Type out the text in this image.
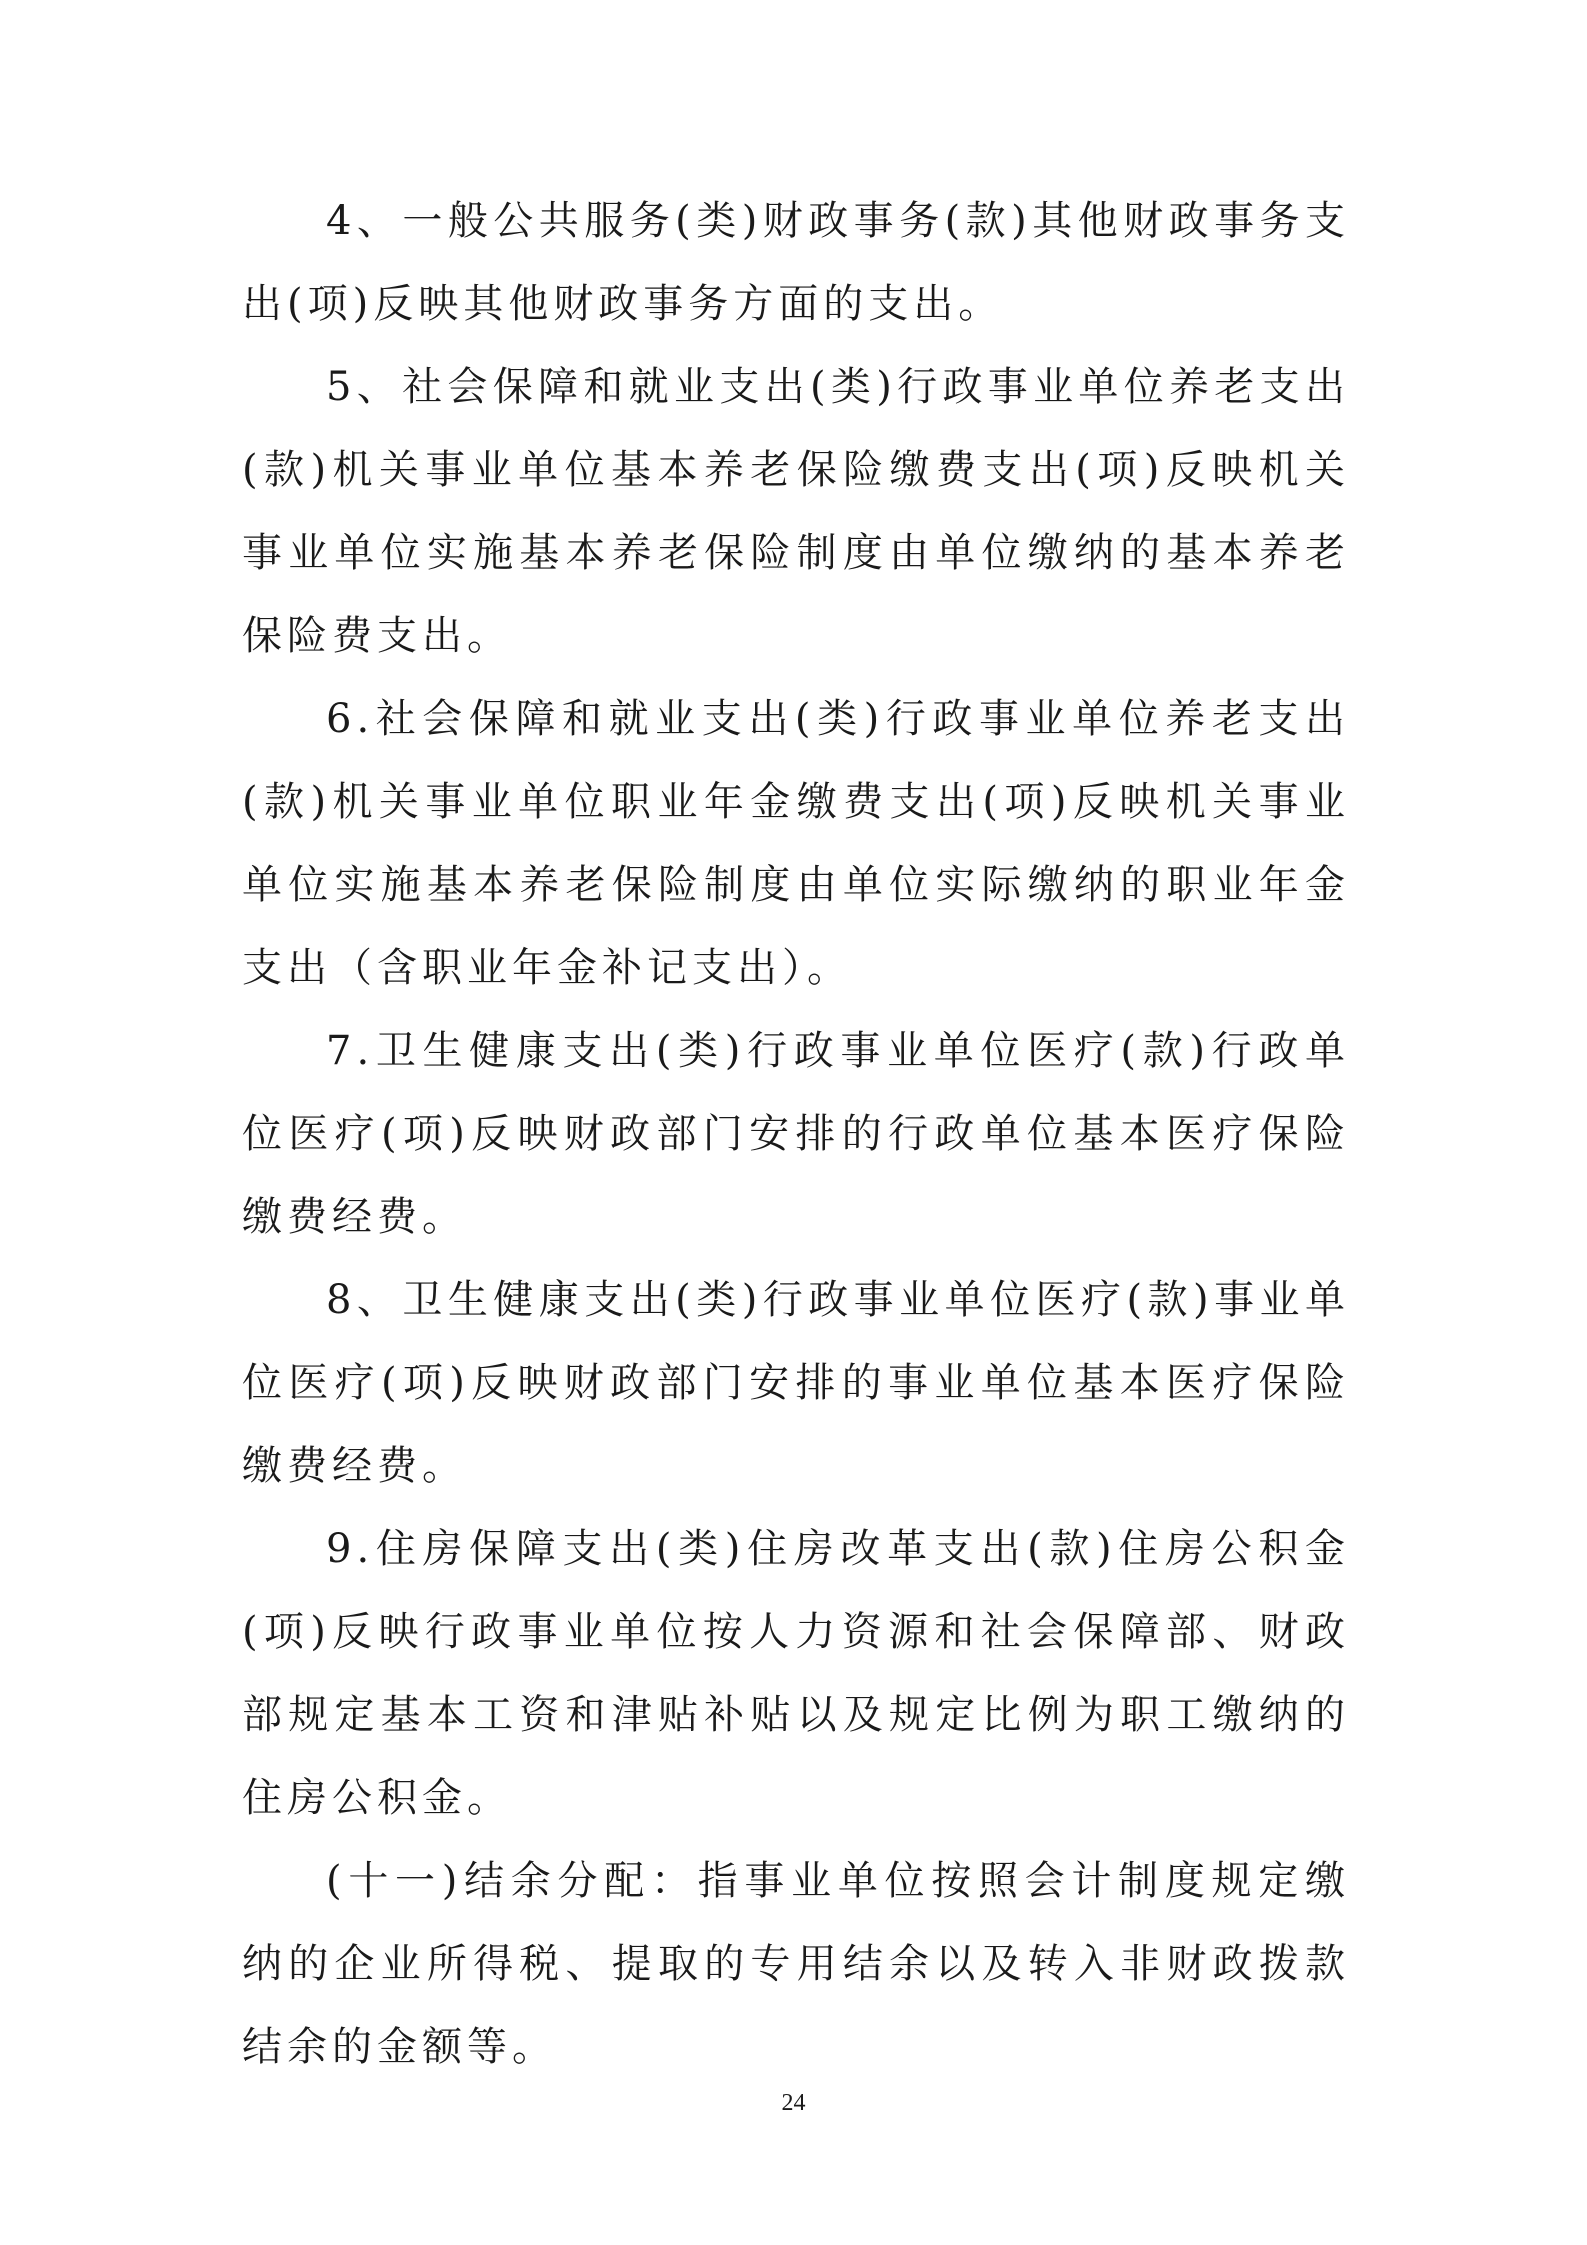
4、一般公共服务(类)财政事务(款)其他财政事务支出(项)反映其他财政事务方面的支出。

5、社会保障和就业支出(类)行政事业单位养老支出(款)机关事业单位基本养老保险缴费支出(项)反映机关事业单位实施基本养老保险制度由单位缴纳的基本养老保险费支出。

6.社会保障和就业支出(类)行政事业单位养老支出(款)机关事业单位职业年金缴费支出(项)反映机关事业单位实施基本养老保险制度由单位实际缴纳的职业年金支出（含职业年金补记支出）。

7.卫生健康支出(类)行政事业单位医疗(款)行政单位医疗(项)反映财政部门安排的行政单位基本医疗保险缴费经费。

8、卫生健康支出(类)行政事业单位医疗(款)事业单位医疗(项)反映财政部门安排的事业单位基本医疗保险缴费经费。

9.住房保障支出(类)住房改革支出(款)住房公积金(项)反映行政事业单位按人力资源和社会保障部、财政部规定基本工资和津贴补贴以及规定比例为职工缴纳的住房公积金。

(十一)结余分配：指事业单位按照会计制度规定缴纳的企业所得税、提取的专用结余以及转入非财政拨款结余的金额等。

24
